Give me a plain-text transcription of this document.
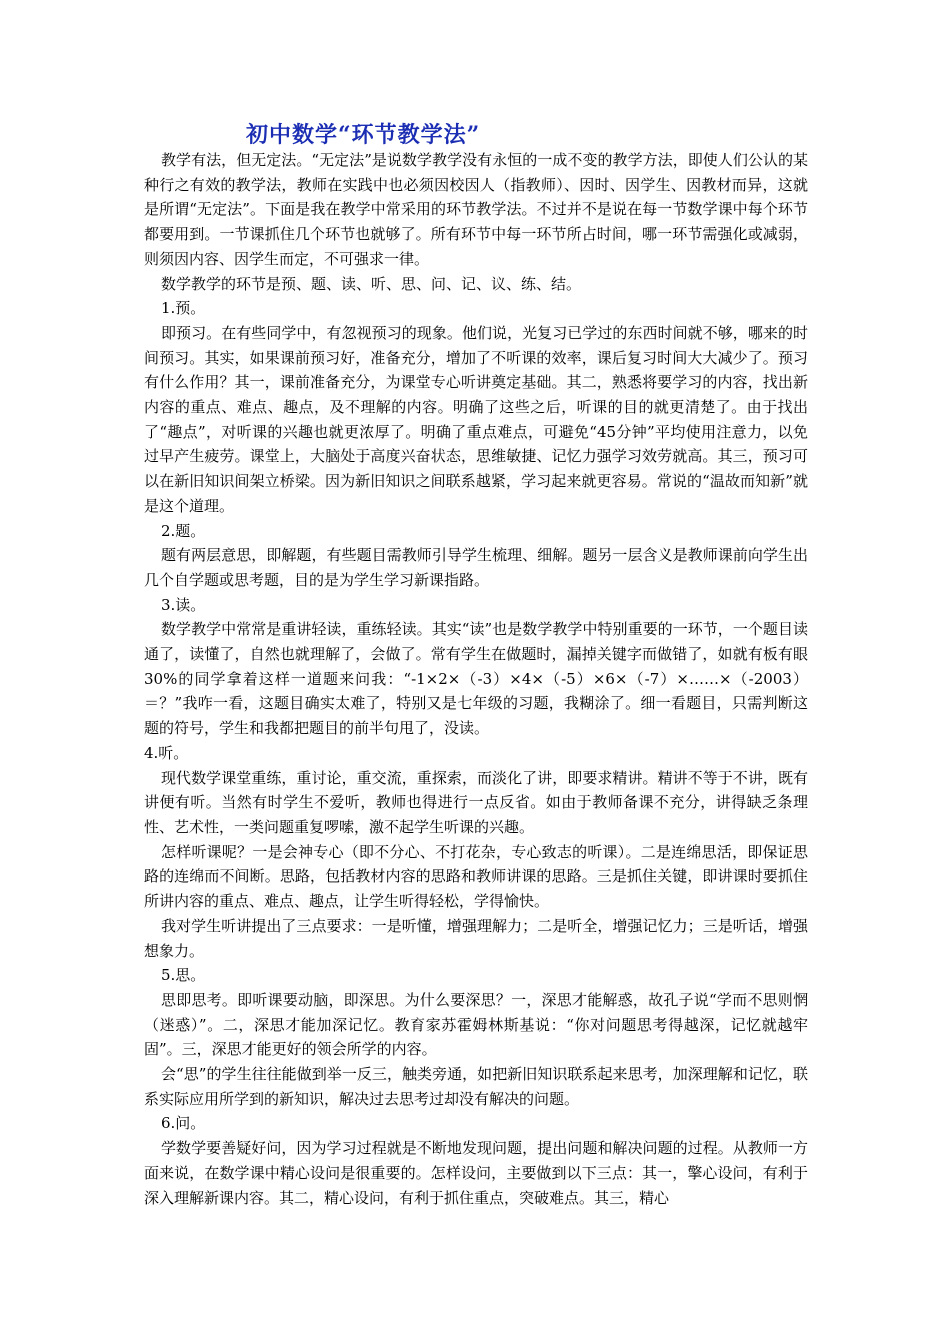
初中数学“环节教学法”

教学有法，但无定法。“无定法”是说数学教学没有永恒的一成不变的教学方法，即使人们公认的某种行之有效的教学法，教师在实践中也必须因校因人（指教师）、因时、因学生、因教材而异，这就是所谓“无定法”。下面是我在教学中常采用的环节教学法。不过并不是说在每一节数学课中每个环节都要用到。一节课抓住几个环节也就够了。所有环节中每一环节所占时间，哪一环节需强化或减弱，则须因内容、因学生而定，不可强求一律。

数学教学的环节是预、题、读、听、思、问、记、议、练、结。

1.预。

即预习。在有些同学中，有忽视预习的现象。他们说，光复习已学过的东西时间就不够，哪来的时间预习。其实，如果课前预习好，准备充分，增加了不听课的效率，课后复习时间大大减少了。预习有什么作用？其一，课前准备充分，为课堂专心听讲奠定基础。其二，熟悉将要学习的内容，找出新内容的重点、难点、趣点，及不理解的内容。明确了这些之后，听课的目的就更清楚了。由于找出了“趣点”，对听课的兴趣也就更浓厚了。明确了重点难点，可避免“45分钟”平均使用注意力，以免过早产生疲劳。课堂上，大脑处于高度兴奋状态，思维敏捷、记忆力强学习效劳就高。其三，预习可以在新旧知识间架立桥梁。因为新旧知识之间联系越紧，学习起来就更容易。常说的“温故而知新”就是这个道理。

2.题。

题有两层意思，即解题，有些题目需教师引导学生梳理、细解。题另一层含义是教师课前向学生出几个自学题或思考题，目的是为学生学习新课指路。

3.读。

数学教学中常常是重讲轻读，重练轻读。其实“读”也是数学教学中特别重要的一环节，一个题目读通了，读懂了，自然也就理解了，会做了。常有学生在做题时，漏掉关键字而做错了，如就有板有眼30%的同学拿着这样一道题来问我：“-1×2×（-3）×4×（-5）×6×（-7）×……×（-2003）＝？”我咋一看，这题目确实太难了，特别又是七年级的习题，我糊涂了。细一看题目，只需判断这题的符号，学生和我都把题目的前半句甩了，没读。

4.听。

现代数学课堂重练，重讨论，重交流，重探索，而淡化了讲，即要求精讲。精讲不等于不讲，既有讲便有听。当然有时学生不爱听，教师也得进行一点反省。如由于教师备课不充分，讲得缺乏条理性、艺术性，一类问题重复啰嗦，激不起学生听课的兴趣。

怎样听课呢？一是会神专心（即不分心、不打花杂，专心致志的听课）。二是连绵思活，即保证思路的连绵而不间断。思路，包括教材内容的思路和教师讲课的思路。三是抓住关键，即讲课时要抓住所讲内容的重点、难点、趣点，让学生听得轻松，学得愉快。

我对学生听讲提出了三点要求：一是听懂，增强理解力；二是听全，增强记忆力；三是听话，增强想象力。

5.思。

思即思考。即听课要动脑，即深思。为什么要深思？一，深思才能解惑，故孔子说“学而不思则惘（迷惑）”。二，深思才能加深记忆。教育家苏霍姆林斯基说：“你对问题思考得越深，记忆就越牢固”。三，深思才能更好的领会所学的内容。

会“思”的学生往往能做到举一反三，触类旁通，如把新旧知识联系起来思考，加深理解和记忆，联系实际应用所学到的新知识，解决过去思考过却没有解决的问题。

6.问。

学数学要善疑好问，因为学习过程就是不断地发现问题，提出问题和解决问题的过程。从教师一方面来说，在数学课中精心设问是很重要的。怎样设问，主要做到以下三点：其一，擎心设问，有利于深入理解新课内容。其二，精心设问，有利于抓住重点，突破难点。其三，精心
